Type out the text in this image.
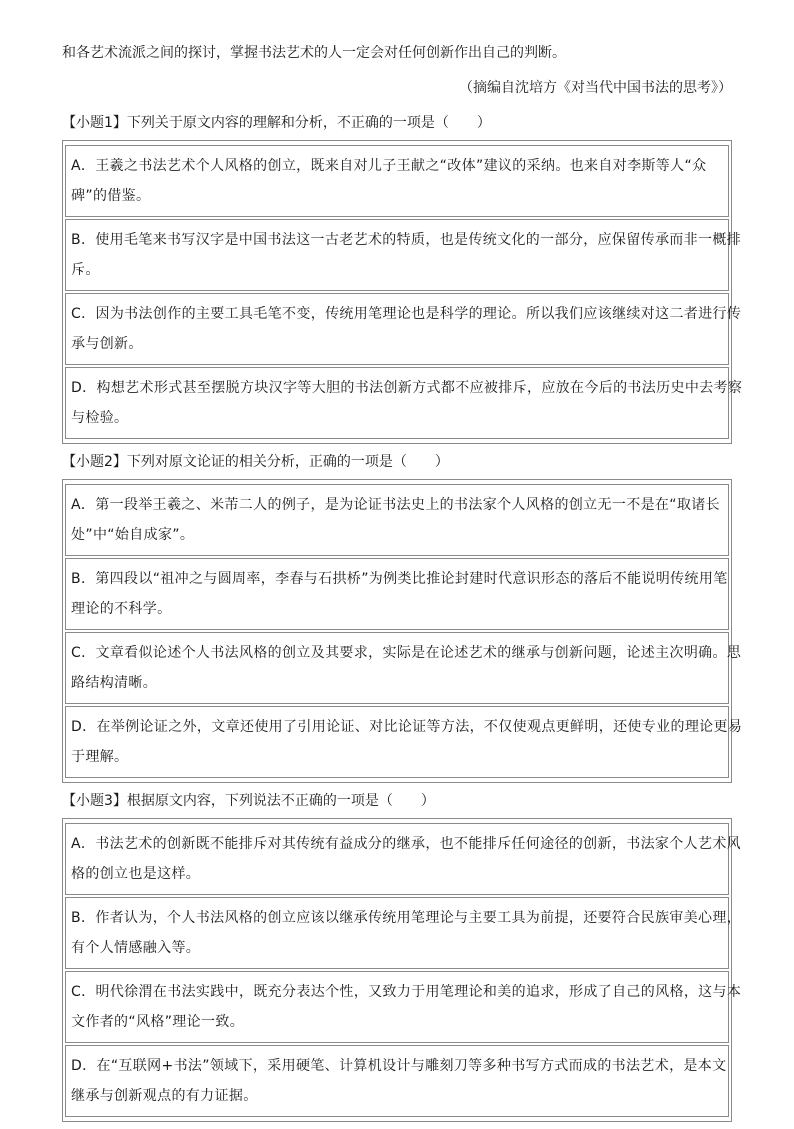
和各艺术流派之间的探讨，掌握书法艺术的人一定会对任何创新作出自己的判断。
（摘编自沈培方《对当代中国书法的思考》）
【小题1】下列关于原文内容的理解和分析，不正确的一项是（　　）
A．王羲之书法艺术个人风格的创立，既来自对儿子王献之“改体”建议的采纳。也来自对李斯等人“众
碑”的借鉴。
B．使用毛笔来书写汉字是中国书法这一古老艺术的特质，也是传统文化的一部分，应保留传承而非一概排
斥。
C．因为书法创作的主要工具毛笔不变，传统用笔理论也是科学的理论。所以我们应该继续对这二者进行传
承与创新。
D．构想艺术形式甚至摆脱方块汉字等大胆的书法创新方式都不应被排斥，应放在今后的书法历史中去考察
与检验。
【小题2】下列对原文论证的相关分析，正确的一项是（　　）
A．第一段举王羲之、米芾二人的例子，是为论证书法史上的书法家个人风格的创立无一不是在“取诸长
处”中“始自成家”。
B．第四段以“祖冲之与圆周率，李春与石拱桥”为例类比推论封建时代意识形态的落后不能说明传统用笔
理论的不科学。
C．文章看似论述个人书法风格的创立及其要求，实际是在论述艺术的继承与创新问题，论述主次明确。思
路结构清晰。
D．在举例论证之外，文章还使用了引用论证、对比论证等方法，不仅使观点更鲜明，还使专业的理论更易
于理解。
【小题3】根据原文内容，下列说法不正确的一项是（　　）
A．书法艺术的创新既不能排斥对其传统有益成分的继承，也不能排斥任何途径的创新，书法家个人艺术风
格的创立也是这样。
B．作者认为，个人书法风格的创立应该以继承传统用笔理论与主要工具为前提，还要符合民族审美心理，
有个人情感融入等。
C．明代徐渭在书法实践中，既充分表达个性，又致力于用笔理论和美的追求，形成了自己的风格，这与本
文作者的“风格”理论一致。
D．在“互联网+书法”领域下，采用硬笔、计算机设计与雕刻刀等多种书写方式而成的书法艺术，是本文
继承与创新观点的有力证据。
